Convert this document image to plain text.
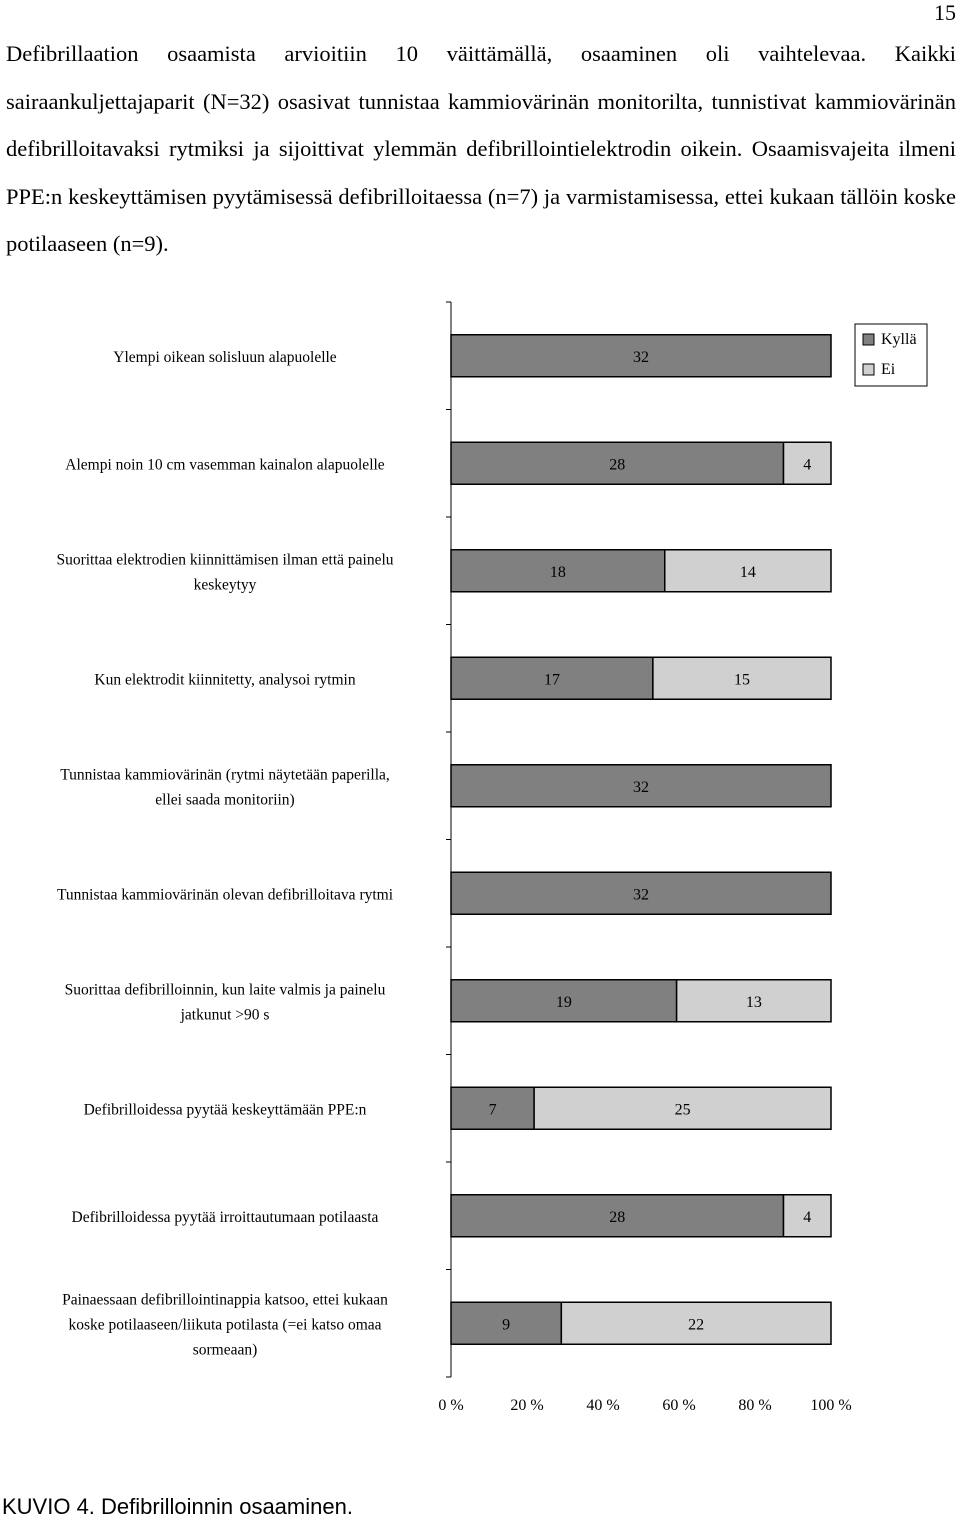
15

Defibrillaation osaamista arvioitiin 10 väittämällä, osaaminen oli vaihtelevaa. Kaikki sairaankuljettajaparit (N=32) osasivat tunnistaa kammiovärinän monitorilta, tunnistivat kammiovärinän defibrilloitavaksi rytmiksi ja sijoittivat ylemmän defibrillointielektrodin oikein. Osaamisvajeita ilmeni PPE:n keskeyttämisen pyytämisessä defibrilloitaessa (n=7) ja varmistamisessa, ettei kukaan tällöin koske potilaaseen (n=9).

32
28	4
18	14
17	15
32
32
19	13
7	25
28	4
9	22
Ylempi oikean solisluun alapuolelle
Alempi noin 10 cm vasemman kainalon alapuolelle
Suorittaa elektrodien kiinnittämisen ilman että painelu keskeytyy
Kun elektrodit kiinnitetty, analysoi rytmin
Tunnistaa kammiovärinän (rytmi näytetään paperilla, ellei saada monitoriin)
Tunnistaa kammiovärinän olevan defibrilloitava rytmi
Suorittaa defibrilloinnin, kun laite valmis ja painelu jatkunut >90 s
Defibrilloidessa pyytää keskeyttämään PPE:n
Defibrilloidessa pyytää irroittautumaan potilaasta
Painaessaan defibrillointinappia katsoo, ettei kukaan koske potilaaseen/liikuta potilasta (=ei katso omaa sormeaan)
0 %	20 %	40 %	60 %	80 % 100 %
Kyllä
Ei
KUVIO 4. Defibrilloinnin osaaminen.
